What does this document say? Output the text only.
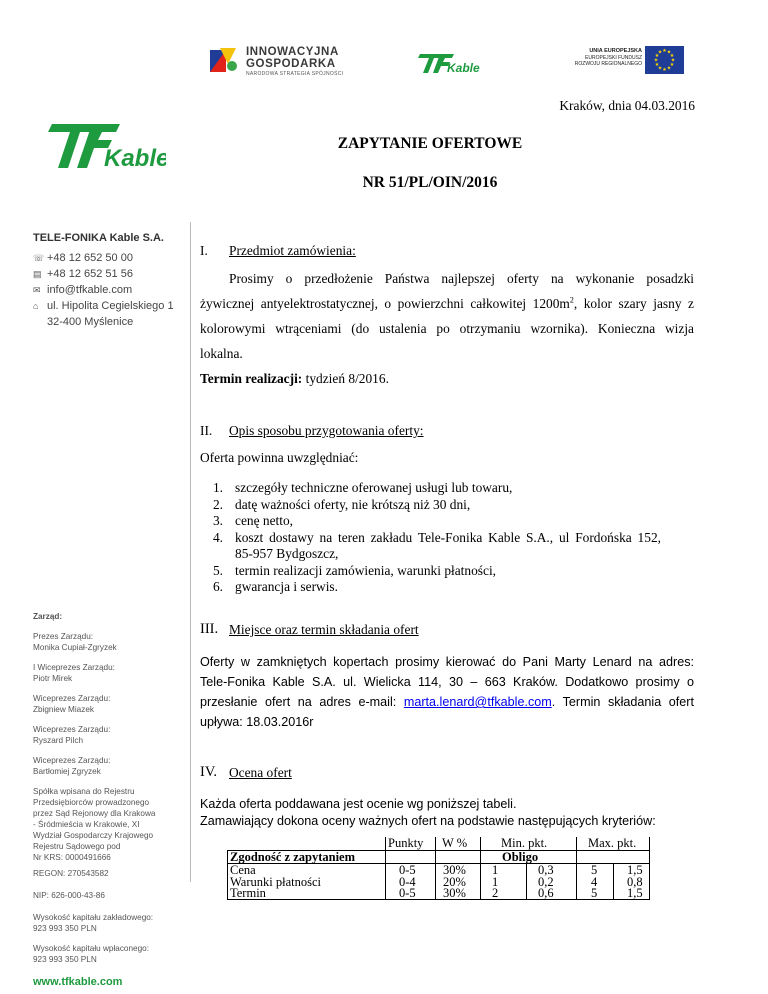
INNOWACYJNA
GOSPODARKA
NARODOWA STRATEGIA SPÓJNOŚCI	Kable
UNIA EUROPEJSKA
EUROPEJSKI FUNDUSZ
ROZWOJU REGIONALNEGO
★ ★
★
★
★
★
★
★
★
★
★
★
Kable
TELE-FONIKA Kable S.A.
☏ +48 12 652 50 00
▤ +48 12 652 51 56
✉ info@tfkable.com
⌂ ul. Hipolita Cegielskiego 1
32-400 Myślenice
Zarząd:
Prezes Zarządu:
Monika Cupiał-Zgryzek
I Wiceprezes Zarządu:
Piotr Mirek
Wiceprezes Zarządu:
Zbigniew Miazek
Wiceprezes Zarządu:
Ryszard Pilch
Wiceprezes Zarządu:
Bartłomiej Zgryzek
Spółka wpisana do Rejestru
Przedsiębiorców prowadzonego
przez Sąd Rejonowy dla Krakowa
- Śródmieścia w Krakowie, XI
Wydział Gospodarczy Krajowego
Rejestru Sądowego pod
Nr KRS: 0000491666
REGON: 270543582
NIP: 626-000-43-86
Wysokość kapitału zakładowego:
923 993 350 PLN
Wysokość kapitału wpłaconego:
923 993 350 PLN
www.tfkable.com
Kraków, dnia 04.03.2016
ZAPYTANIE OFERTOWE
NR 51/PL/OIN/2016
I. Przedmiot zamówienia:
Prosimy o przedłożenie Państwa najlepszej oferty na wykonanie posadzki
żywicznej antyelektrostatycznej, o powierzchni całkowitej $1200m^2$, kolor szary jasny z
kolorowymi wtrąceniami (do ustalenia po otrzymaniu wzornika). Konieczna wizja
lokalna.
Termin realizacji: tydzień 8/2016.
II. Opis sposobu przygotowania oferty:
Oferta powinna uwzględniać:
1. szczegóły techniczne oferowanej usługi lub towaru,
2. datę ważności oferty, nie krótszą niż 30 dni,
3. cenę netto,
4. koszt dostawy na teren zakładu Tele-Fonika Kable S.A., ul Fordońska 152,
85-957 Bydgoszcz,
5. termin realizacji zamówienia, warunki płatności,
6. gwarancja i serwis.
III. Miejsce oraz termin składania ofert
Oferty w zamkniętych kopertach prosimy kierować do Pani Marty Lenard na adres:
Tele-Fonika Kable S.A. ul. Wielicka 114, 30 – 663 Kraków. Dodatkowo prosimy o
przesłanie ofert na adres e-mail: marta.lenard@tfkable.com. Termin składania ofert
upływa: 18.03.2016r
IV. Ocena ofert
Każda oferta poddawana jest ocenie wg poniższej tabeli.
Zamawiający dokona oceny ważnych ofert na podstawie następujących kryteriów:
Punkty W %	Min. pkt.	Max. pkt.
Zgodność z zapytaniem	Obligo
Cena	0-5 30% 1	0,3	5 1,5
Warunki płatności	0-4 20% 1	0,2	4 0,8
Termin	0-5 30% 2	0,6	5 1,5
